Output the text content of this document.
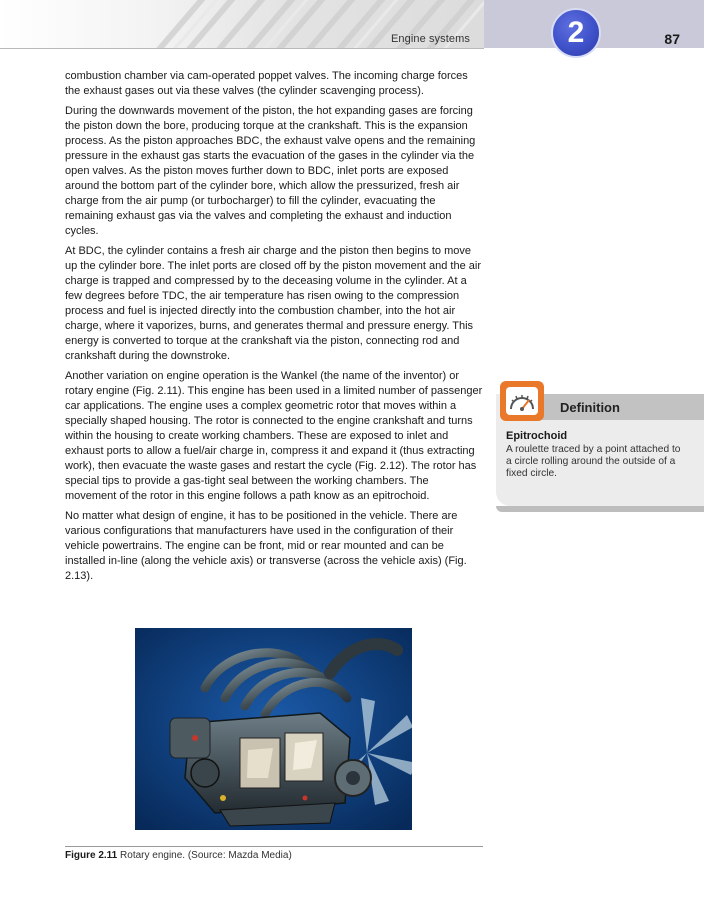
Engine systems	2	87

combustion chamber via cam-operated poppet valves. The incoming charge forces the exhaust gases out via these valves (the cylinder scavenging process).

During the downwards movement of the piston, the hot expanding gases are forcing the piston down the bore, producing torque at the crankshaft. This is the expansion process. As the piston approaches BDC, the exhaust valve opens and the remaining pressure in the exhaust gas starts the evacuation of the gases in the cylinder via the open valves. As the piston moves further down to BDC, inlet ports are exposed around the bottom part of the cylinder bore, which allow the pressurized, fresh air charge from the air pump (or turbocharger) to fill the cylinder, evacuating the remaining exhaust gas via the valves and completing the exhaust and induction cycles.

At BDC, the cylinder contains a fresh air charge and the piston then begins to move up the cylinder bore. The inlet ports are closed off by the piston movement and the air charge is trapped and compressed by to the deceasing volume in the cylinder. At a few degrees before TDC, the air temperature has risen owing to the compression process and fuel is injected directly into the combustion chamber, into the hot air charge, where it vaporizes, burns, and generates thermal and pressure energy. This energy is converted to torque at the crankshaft via the piston, connecting rod and crankshaft during the downstroke.

Another variation on engine operation is the Wankel (the name of the inventor) or rotary engine (Fig. 2.11). This engine has been used in a limited number of passenger car applications. The engine uses a complex geometric rotor that moves within a specially shaped housing. The rotor is connected to the engine crankshaft and turns within the housing to create working chambers. These are exposed to inlet and exhaust ports to allow a fuel/air charge in, compress it and expand it (thus extracting work), then evacuate the waste gases and restart the cycle (Fig. 2.12). The rotor has special tips to provide a gas-tight seal between the working chambers. The movement of the rotor in this engine follows a path know as an epitrochoid.

No matter what design of engine, it has to be positioned in the vehicle. There are various configurations that manufacturers have used in the configuration of their vehicle powertrains. The engine can be front, mid or rear mounted and can be installed in-line (along the vehicle axis) or transverse (across the vehicle axis) (Fig. 2.13).

Definition
Epitrochoid
A roulette traced by a point attached to a circle rolling around the outside of a fixed circle.
Figure 2.11 Rotary engine. (Source: Mazda Media)
